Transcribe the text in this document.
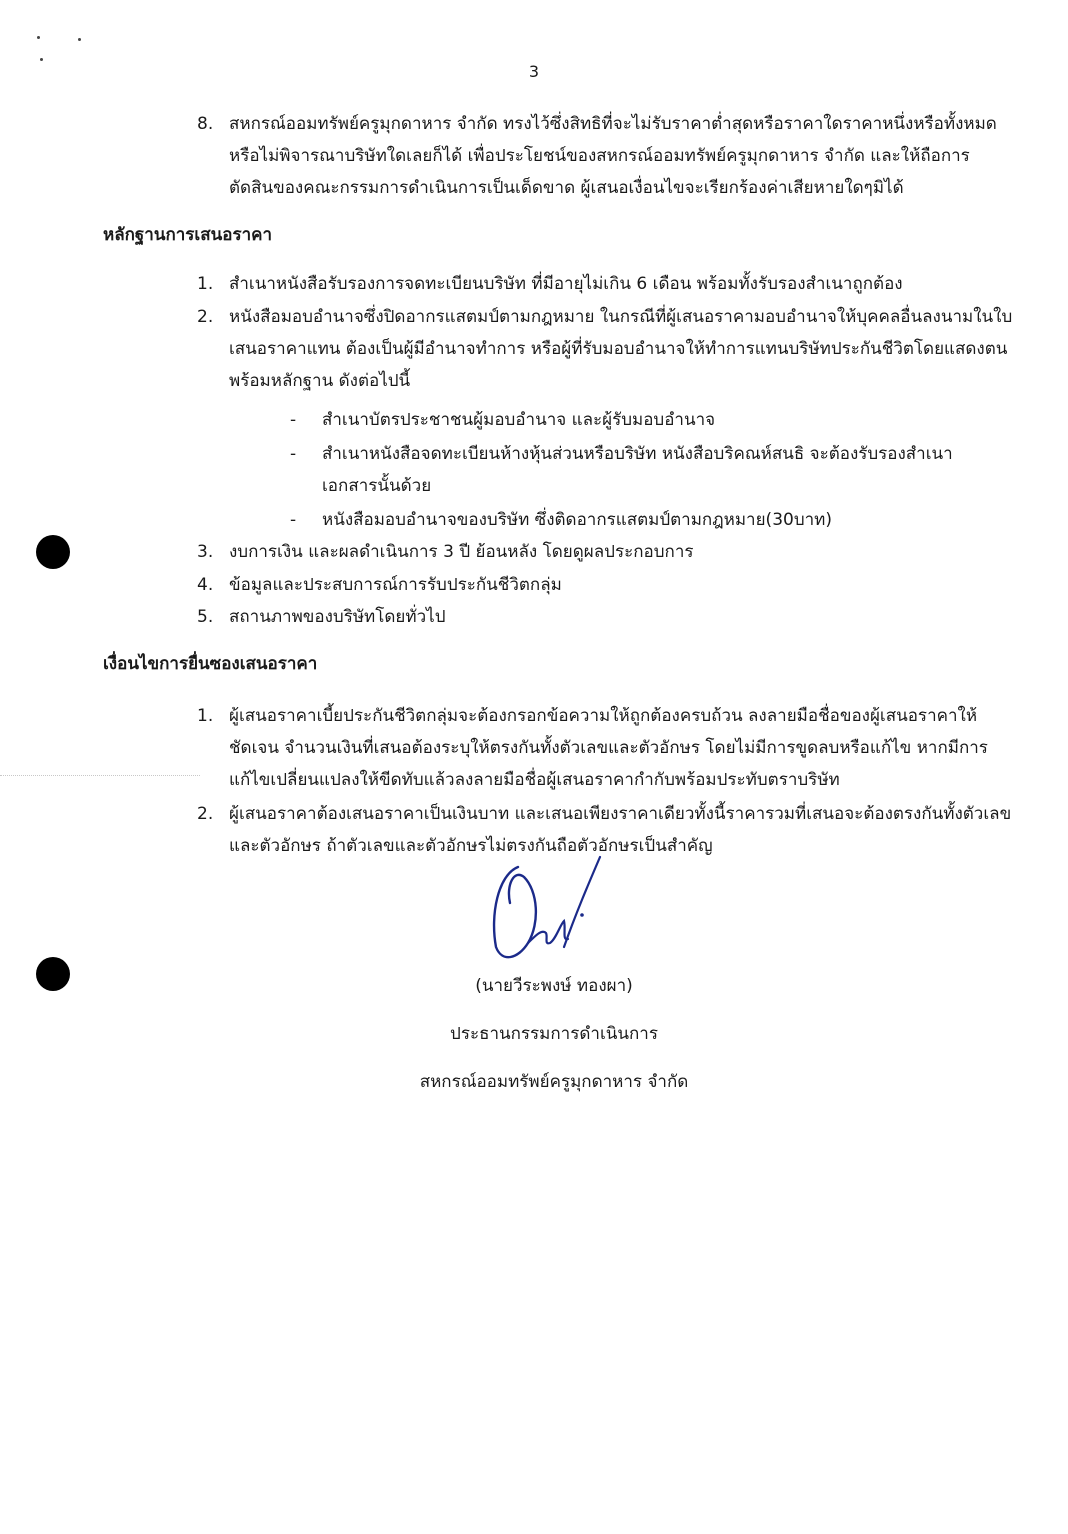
3
8. สหกรณ์ออมทรัพย์ครูมุกดาหาร จำกัด ทรงไว้ซึ่งสิทธิที่จะไม่รับราคาต่ำสุดหรือราคาใดราคาหนึ่งหรือทั้งหมด
หรือไม่พิจารณาบริษัทใดเลยก็ได้ เพื่อประโยชน์ของสหกรณ์ออมทรัพย์ครูมุกดาหาร จำกัด และให้ถือการ
ตัดสินของคณะกรรมการดำเนินการเป็นเด็ดขาด ผู้เสนอเงื่อนไขจะเรียกร้องค่าเสียหายใดๆมิได้
หลักฐานการเสนอราคา
1. สำเนาหนังสือรับรองการจดทะเบียนบริษัท ที่มีอายุไม่เกิน 6 เดือน พร้อมทั้งรับรองสำเนาถูกต้อง
2. หนังสือมอบอำนาจซึ่งปิดอากรแสตมป์ตามกฎหมาย ในกรณีที่ผู้เสนอราคามอบอำนาจให้บุคคลอื่นลงนามในใบ
เสนอราคาแทน ต้องเป็นผู้มีอำนาจทำการ หรือผู้ที่รับมอบอำนาจให้ทำการแทนบริษัทประกันชีวิตโดยแสดงตน
พร้อมหลักฐาน ดังต่อไปนี้
- สำเนาบัตรประชาชนผู้มอบอำนาจ และผู้รับมอบอำนาจ
- สำเนาหนังสือจดทะเบียนห้างหุ้นส่วนหรือบริษัท หนังสือบริคณห์สนธิ จะต้องรับรองสำเนา
เอกสารนั้นด้วย
- หนังสือมอบอำนาจของบริษัท ซึ่งติดอากรแสตมป์ตามกฎหมาย(30บาท)
3. งบการเงิน และผลดำเนินการ 3 ปี ย้อนหลัง โดยดูผลประกอบการ
4. ข้อมูลและประสบการณ์การรับประกันชีวิตกลุ่ม
5. สถานภาพของบริษัทโดยทั่วไป
เงื่อนไขการยื่นซองเสนอราคา
1. ผู้เสนอราคาเบี้ยประกันชีวิตกลุ่มจะต้องกรอกข้อความให้ถูกต้องครบถ้วน ลงลายมือชื่อของผู้เสนอราคาให้
ชัดเจน จำนวนเงินที่เสนอต้องระบุให้ตรงกันทั้งตัวเลขและตัวอักษร โดยไม่มีการขูดลบหรือแก้ไข หากมีการ
แก้ไขเปลี่ยนแปลงให้ขีดทับแล้วลงลายมือชื่อผู้เสนอราคากำกับพร้อมประทับตราบริษัท
2. ผู้เสนอราคาต้องเสนอราคาเป็นเงินบาท และเสนอเพียงราคาเดียวทั้งนี้ราคารวมที่เสนอจะต้องตรงกันทั้งตัวเลข
และตัวอักษร ถ้าตัวเลขและตัวอักษรไม่ตรงกันถือตัวอักษรเป็นสำคัญ
(นายวีระพงษ์ ทองผา)
ประธานกรรมการดำเนินการ
สหกรณ์ออมทรัพย์ครูมุกดาหาร จำกัด
